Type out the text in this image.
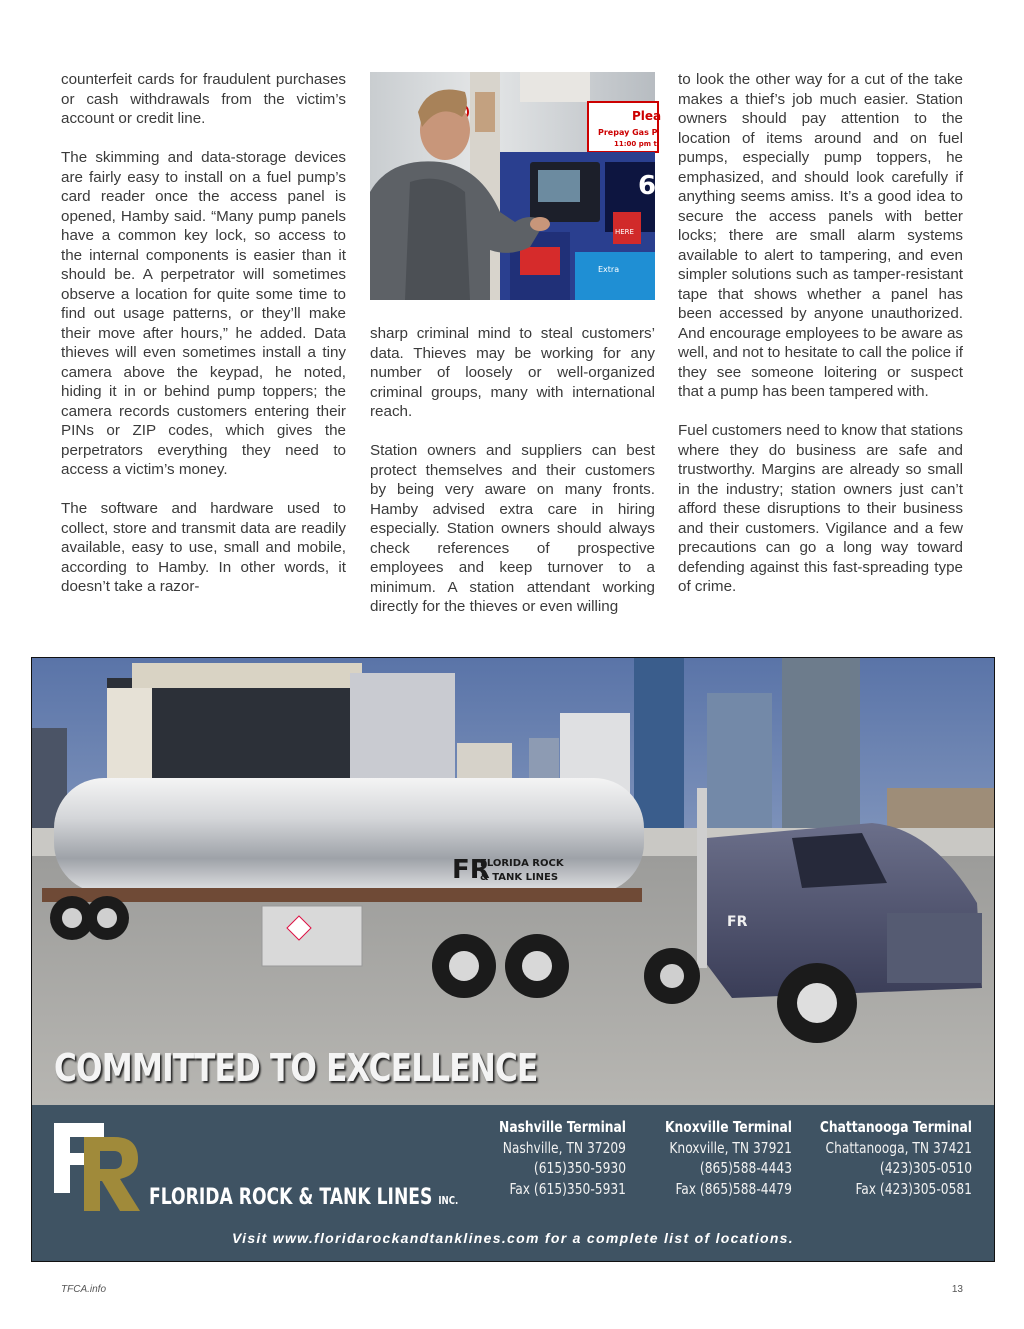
counterfeit cards for fraudulent purchases or cash withdrawals from the victim’s account or credit line.

The skimming and data-storage devices are fairly easy to install on a fuel pump’s card reader once the access panel is opened, Hamby said. “Many pump panels have a common key lock, so access to the internal components is easier than it should be. A perpetrator will sometimes observe a location for quite some time to find out usage patterns, or they’ll make their move after hours,” he added. Data thieves will even sometimes install a tiny camera above the keypad, he noted, hiding it in or behind pump toppers; the camera records customers entering their PINs or ZIP codes, which gives the perpetrators everything they need to access a victim’s money.

The software and hardware used to collect, store and transmit data are readily available, easy to use, small and mobile, according to Hamby. In other words, it doesn’t take a razor-

Plea
Prepay Gas P
11:00 pm t
6
HERE
Extra

sharp criminal mind to steal customers’ data. Thieves may be working for any number of loosely or well-organized criminal groups, many with international reach.

Station owners and suppliers can best protect themselves and their customers by being very aware on many fronts. Hamby advised extra care in hiring especially. Station owners should always check references of prospective employees and keep turnover to a minimum. A station attendant working directly for the thieves or even willing

to look the other way for a cut of the take makes a thief’s job much easier. Station owners should pay attention to the location of items around and on fuel pumps, especially pump toppers, he emphasized, and should look carefully if anything seems amiss. It’s a good idea to secure the access panels with better locks; there are small alarm systems available to alert to tampering, and even simpler solutions such as tamper-resistant tape that shows whether a panel has been accessed by anyone unauthorized. And encourage employees to be aware as well, and not to hesitate to call the police if they see someone loitering or suspect that a pump has been tampered with.

Fuel customers need to know that stations where they do business are safe and trustworthy. Margins are already so small in the industry; station owners just can’t afford these disruptions to their business and their customers. Vigilance and a few precautions can go a long way toward defending against this fast-spreading type of crime.

FR
FLORIDA ROCK
& TANK LINES
FR
COMMITTED TO EXCELLENCE

FLORIDA ROCK & TANK LINES INC.

Nashville Terminal
Nashville, TN 37209
(615)350-5930
Fax (615)350-5931
Knoxville Terminal
Knoxville, TN 37921
(865)588-4443
Fax (865)588-4479
Chattanooga Terminal
Chattanooga, TN 37421
(423)305-0510
Fax (423)305-0581

Visit www.floridarockandtanklines.com for a complete list of locations.

TFCA.info	13
